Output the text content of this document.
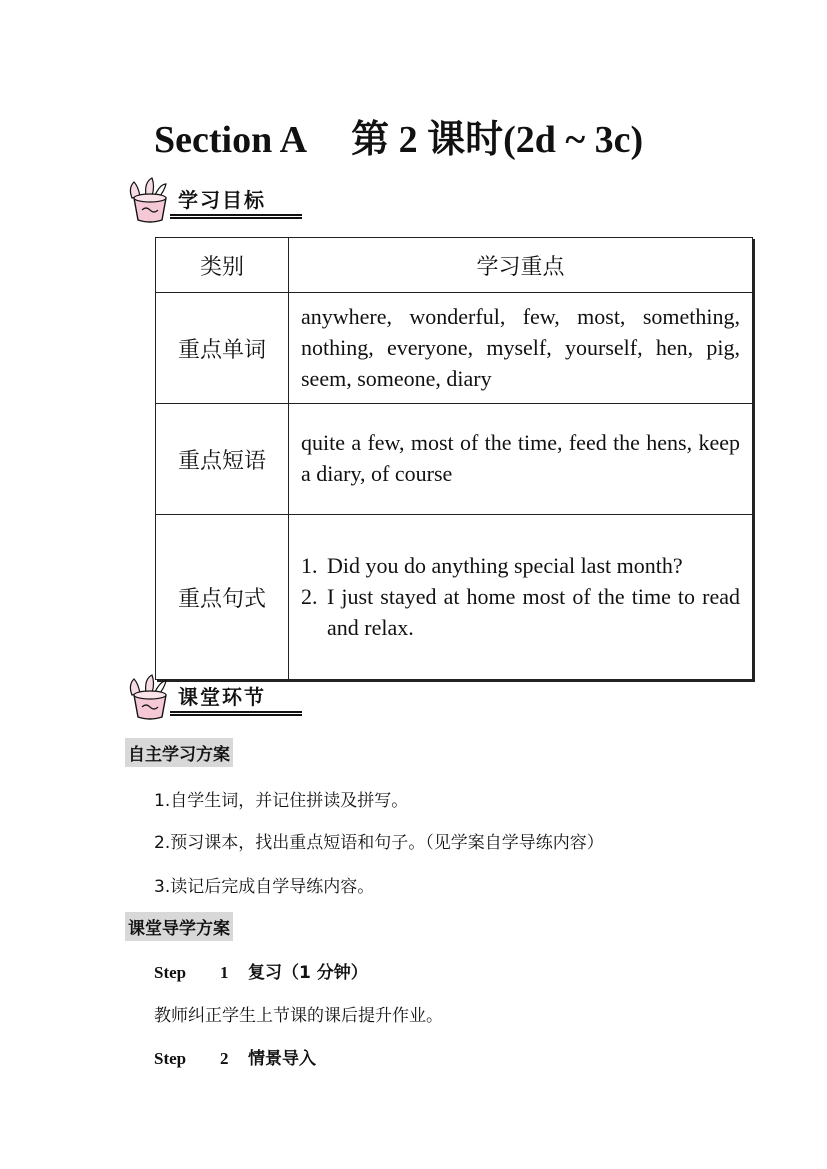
Section A 第 2 课时(2d ~ 3c)
学习目标
类别	学习重点
重点单词	anywhere, wonderful, few, most, something, nothing, everyone, myself, yourself, hen, pig, seem, someone, diary
重点短语	quite a few, most of the time, feed the hens, keep a diary, of course
重点句式	1. Did you do anything special last month?
2. I just stayed at home most of the time to read and relax.
课堂环节
自主学习方案
1.自学生词，并记住拼读及拼写。
2.预习课本，找出重点短语和句子。（见学案自学导练内容）
3.读记后完成自学导练内容。
课堂导学方案
Step 1 复习（1 分钟）
教师纠正学生上节课的课后提升作业。
Step 2 情景导入
